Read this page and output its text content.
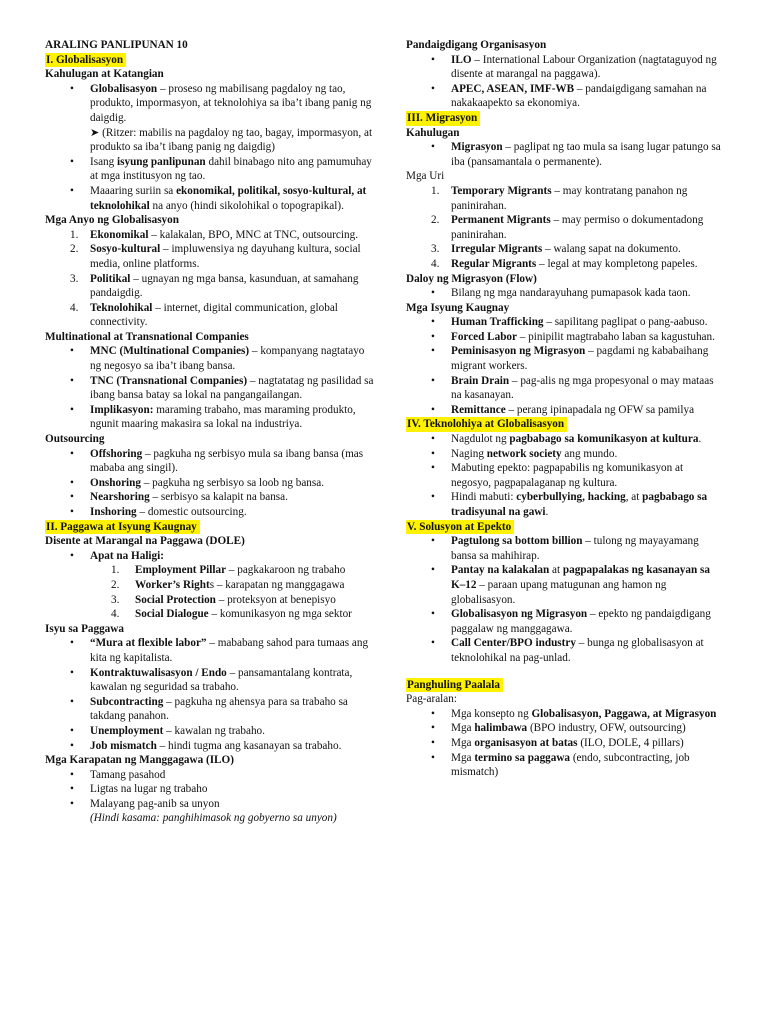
ARALING PANLIPUNAN 10
I. Globalisasyon
Kahulugan at Katangian
• Globalisasyon – proseso ng mabilisang pagdaloy ng tao, produkto, impormasyon, at teknolohiya sa iba’t ibang panig ng daigdig.
➤ (Ritzer: mabilis na pagdaloy ng tao, bagay, impormasyon, at produkto sa iba’t ibang panig ng daigdig)
• Isang isyung panlipunan dahil binabago nito ang pamumuhay at mga institusyon ng tao.
• Maaaring suriin sa ekonomikal, politikal, sosyo-kultural, at teknolohikal na anyo (hindi sikolohikal o topograpikal).
Mga Anyo ng Globalisasyon
1. Ekonomikal – kalakalan, BPO, MNC at TNC, outsourcing.
2. Sosyo-kultural – impluwensiya ng dayuhang kultura, social media, online platforms.
3. Politikal – ugnayan ng mga bansa, kasunduan, at samahang pandaigdig.
4. Teknolohikal – internet, digital communication, global connectivity.
Multinational at Transnational Companies
• MNC (Multinational Companies) – kompanyang nagtatayo ng negosyo sa iba’t ibang bansa.
• TNC (Transnational Companies) – nagtatatag ng pasilidad sa ibang bansa batay sa lokal na pangangailangan.
• Implikasyon: maraming trabaho, mas maraming produkto, ngunit maaring makasira sa lokal na industriya.
Outsourcing
• Offshoring – pagkuha ng serbisyo mula sa ibang bansa (mas mababa ang singil).
• Onshoring – pagkuha ng serbisyo sa loob ng bansa.
• Nearshoring – serbisyo sa kalapit na bansa.
• Inshoring – domestic outsourcing.
II. Paggawa at Isyung Kaugnay
Disente at Marangal na Paggawa (DOLE)
• Apat na Haligi:
1. Employment Pillar – pagkakaroon ng trabaho
2. Worker’s Rights – karapatan ng manggagawa
3. Social Protection – proteksyon at benepisyo
4. Social Dialogue – komunikasyon ng mga sektor
Isyu sa Paggawa
• “Mura at flexible labor” – mababang sahod para tumaas ang kita ng kapitalista.
• Kontraktuwalisasyon / Endo – pansamantalang kontrata, kawalan ng seguridad sa trabaho.
• Subcontracting – pagkuha ng ahensya para sa trabaho sa takdang panahon.
• Unemployment – kawalan ng trabaho.
• Job mismatch – hindi tugma ang kasanayan sa trabaho.
Mga Karapatan ng Manggagawa (ILO)
• Tamang pasahod
• Ligtas na lugar ng trabaho
• Malayang pag-anib sa unyon
(Hindi kasama: panghihimasok ng gobyerno sa unyon)
Pandaigdigang Organisasyon
• ILO – International Labour Organization (nagtataguyod ng disente at marangal na paggawa).
• APEC, ASEAN, IMF-WB – pandaigdigang samahan na nakakaapekto sa ekonomiya.
III. Migrasyon
Kahulugan
• Migrasyon – paglipat ng tao mula sa isang lugar patungo sa iba (pansamantala o permanente).
Mga Uri
1. Temporary Migrants – may kontratang panahon ng paninirahan.
2. Permanent Migrants – may permiso o dokumentadong paninirahan.
3. Irregular Migrants – walang sapat na dokumento.
4. Regular Migrants – legal at may kompletong papeles.
Daloy ng Migrasyon (Flow)
• Bilang ng mga nandarayuhang pumapasok kada taon.
Mga Isyung Kaugnay
• Human Trafficking – sapilitang paglipat o pang-aabuso.
• Forced Labor – pinipilit magtrabaho laban sa kagustuhan.
• Peminisasyon ng Migrasyon – pagdami ng kababaihang migrant workers.
• Brain Drain – pag-alis ng mga propesyonal o may mataas na kasanayan.
• Remittance – perang ipinapadala ng OFW sa pamilya
IV. Teknolohiya at Globalisasyon
• Nagdulot ng pagbabago sa komunikasyon at kultura.
• Naging network society ang mundo.
• Mabuting epekto: pagpapabilis ng komunikasyon at negosyo, pagpapalaganap ng kultura.
• Hindi mabuti: cyberbullying, hacking, at pagbabago sa tradisyunal na gawi.
V. Solusyon at Epekto
• Pagtulong sa bottom billion – tulong ng mayayamang bansa sa mahihirap.
• Pantay na kalakalan at pagpapalakas ng kasanayan sa K–12 – paraan upang matugunan ang hamon ng globalisasyon.
• Globalisasyon ng Migrasyon – epekto ng pandaigdigang paggalaw ng manggagawa.
• Call Center/BPO industry – bunga ng globalisasyon at teknolohikal na pag-unlad.
Panghuling Paalala
Pag-aralan:
• Mga konsepto ng Globalisasyon, Paggawa, at Migrasyon
• Mga halimbawa (BPO industry, OFW, outsourcing)
• Mga organisasyon at batas (ILO, DOLE, 4 pillars)
• Mga termino sa paggawa (endo, subcontracting, job mismatch)
